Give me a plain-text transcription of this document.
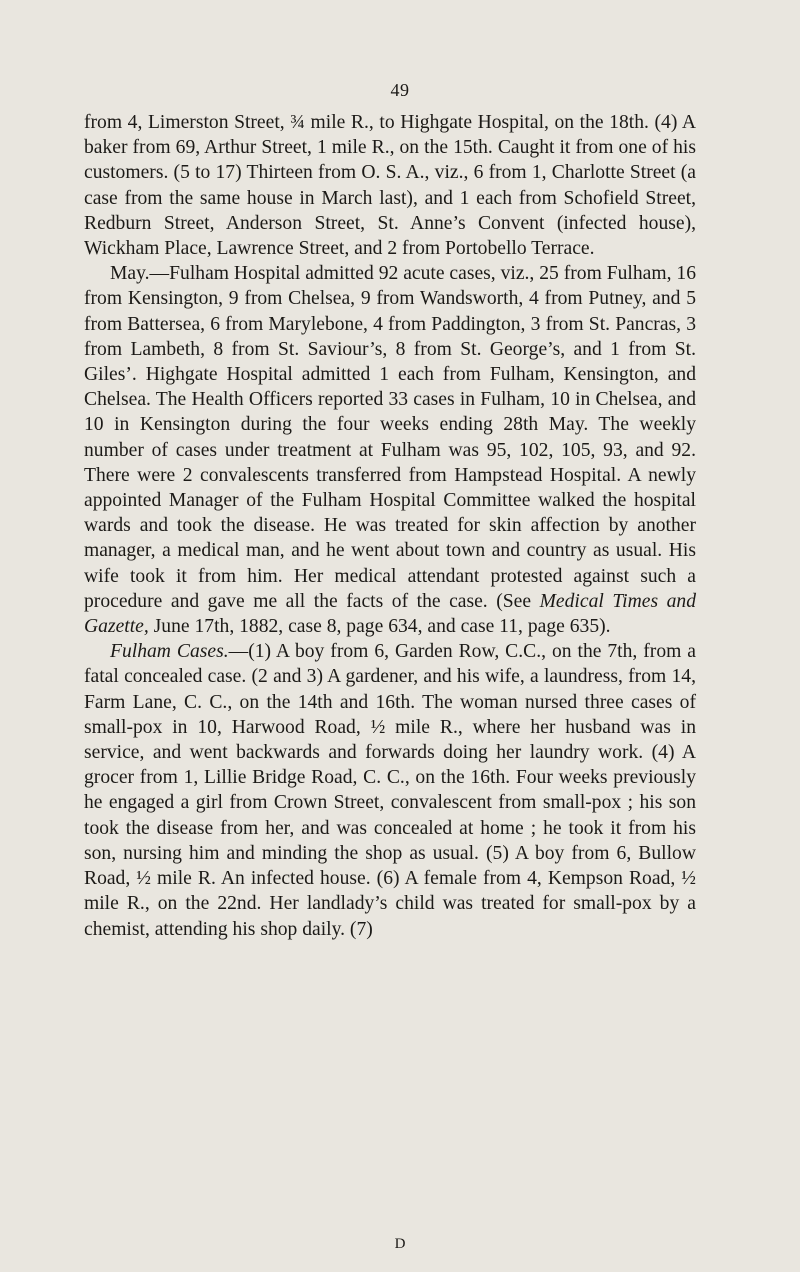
49

from 4, Limerston Street, ¾ mile R., to Highgate Hospital, on the 18th. (4) A baker from 69, Arthur Street, 1 mile R., on the 15th. Caught it from one of his customers. (5 to 17) Thirteen from O. S. A., viz., 6 from 1, Charlotte Street (a case from the same house in March last), and 1 each from Schofield Street, Redburn Street, Anderson Street, St. Anne’s Convent (infected house), Wickham Place, Lawrence Street, and 2 from Portobello Terrace.

May.—Fulham Hospital admitted 92 acute cases, viz., 25 from Fulham, 16 from Kensington, 9 from Chelsea, 9 from Wandsworth, 4 from Putney, and 5 from Battersea, 6 from Marylebone, 4 from Paddington, 3 from St. Pancras, 3 from Lambeth, 8 from St. Saviour’s, 8 from St. George’s, and 1 from St. Giles’. Highgate Hospital admitted 1 each from Fulham, Kensington, and Chelsea. The Health Officers reported 33 cases in Fulham, 10 in Chelsea, and 10 in Kensington during the four weeks ending 28th May. The weekly number of cases under treatment at Fulham was 95, 102, 105, 93, and 92. There were 2 convalescents transferred from Hampstead Hospital. A newly appointed Manager of the Fulham Hospital Committee walked the hospital wards and took the disease. He was treated for skin affection by another manager, a medical man, and he went about town and country as usual. His wife took it from him. Her medical attendant protested against such a procedure and gave me all the facts of the case. (See Medical Times and Gazette, June 17th, 1882, case 8, page 634, and case 11, page 635).

Fulham Cases.—(1) A boy from 6, Garden Row, C.C., on the 7th, from a fatal concealed case. (2 and 3) A gardener, and his wife, a laundress, from 14, Farm Lane, C. C., on the 14th and 16th. The woman nursed three cases of small-pox in 10, Harwood Road, ½ mile R., where her husband was in service, and went backwards and forwards doing her laundry work. (4) A grocer from 1, Lillie Bridge Road, C. C., on the 16th. Four weeks previously he engaged a girl from Crown Street, convalescent from small-pox ; his son took the disease from her, and was concealed at home ; he took it from his son, nursing him and minding the shop as usual. (5) A boy from 6, Bullow Road, ½ mile R. An infected house. (6) A female from 4, Kempson Road, ½ mile R., on the 22nd. Her landlady’s child was treated for small-pox by a chemist, attending his shop daily. (7)

D
